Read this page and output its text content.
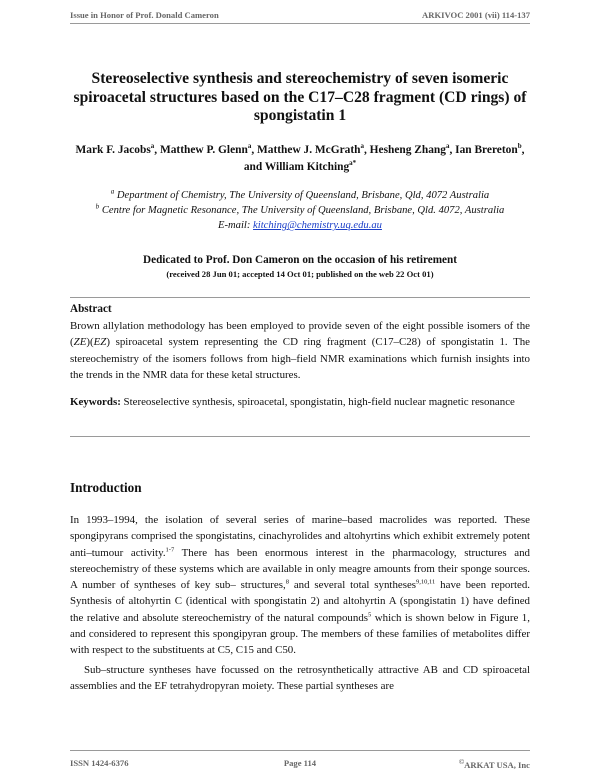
Issue in Honor of Prof. Donald Cameron	ARKIVOC 2001 (vii) 114-137
Stereoselective synthesis and stereochemistry of seven isomeric spiroacetal structures based on the C17–C28 fragment (CD rings) of spongistatin 1
Mark F. Jacobs$^a$, Matthew P. Glenn$^a$, Matthew J. McGrath$^a$, Hesheng Zhang$^a$, Ian Brereton$^b$, and William Kitching$^{a*}$
$^a$ Department of Chemistry, The University of Queensland, Brisbane, Qld, 4072 Australia
$^b$ Centre for Magnetic Resonance, The University of Queensland, Brisbane, Qld. 4072, Australia
E-mail: kitching@chemistry.uq.edu.au
Dedicated to Prof. Don Cameron on the occasion of his retirement
(received 28 Jun 01; accepted 14 Oct 01; published on the web 22 Oct 01)
Abstract
Brown allylation methodology has been employed to provide seven of the eight possible isomers of the (ZE)(EZ) spiroacetal system representing the CD ring fragment (C17–C28) of spongistatin 1. The stereochemistry of the isomers follows from high–field NMR examinations which furnish insights into the trends in the NMR data for these ketal structures.
Keywords: Stereoselective synthesis, spiroacetal, spongistatin, high-field nuclear magnetic resonance
Introduction

In 1993–1994, the isolation of several series of marine–based macrolides was reported. These spongipyrans comprised the spongistatins, cinachyrolides and altohyrtins which exhibit extremely potent anti–tumour activity.$^{1-7}$ There has been enormous interest in the pharmacology, structures and stereochemistry of these systems which are available in only meagre amounts from their sponge sources. A number of syntheses of key sub– structures,$^8$ and several total syntheses$^{9,10,11}$ have been reported. Synthesis of altohyrtin C (identical with spongistatin 2) and altohyrtin A (spongistatin 1) have defined the relative and absolute stereochemistry of the natural compounds$^5$ which is shown below in Figure 1, and considered to represent this spongipyran group. The members of these families of metabolites differ with respect to the substituents at C5, C15 and C50.

Sub–structure syntheses have focussed on the retrosynthetically attractive AB and CD spiroacetal assemblies and the EF tetrahydropyran moiety. These partial syntheses are

ISSN 1424-6376	Page 114	©ARKAT USA, Inc
